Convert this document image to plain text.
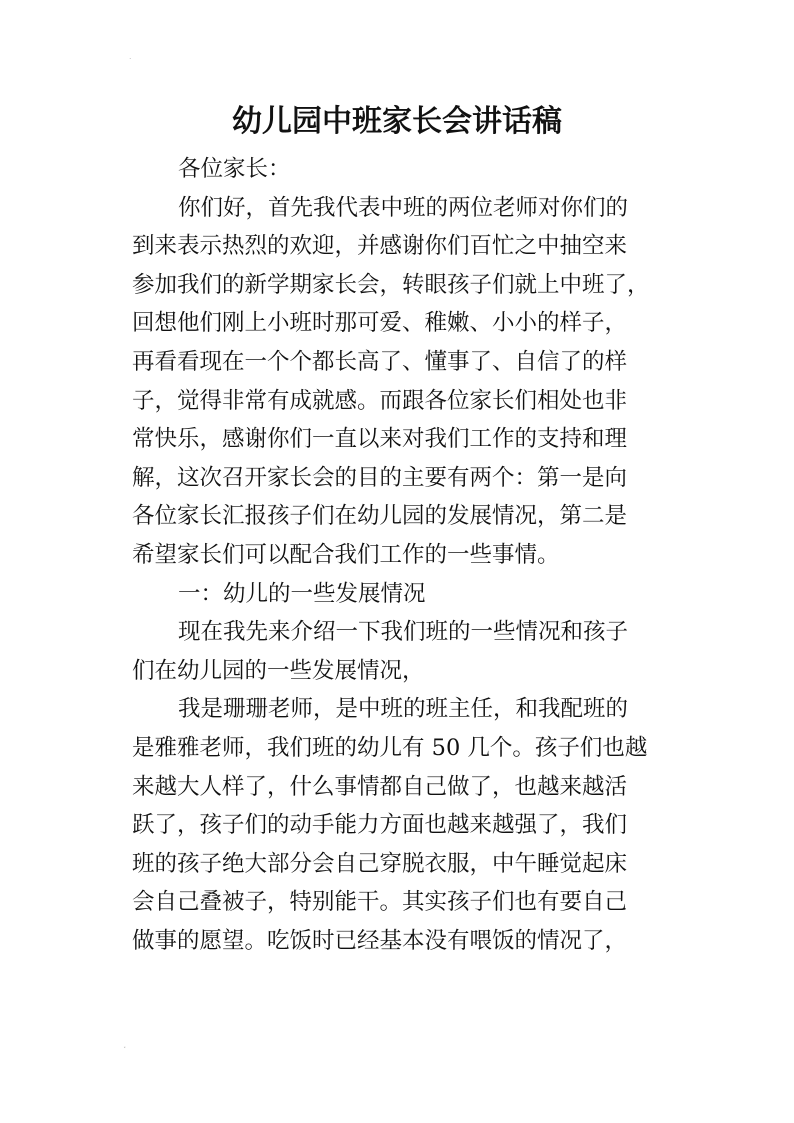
˙
幼儿园中班家长会讲话稿
各位家长：
你们好，首先我代表中班的两位老师对你们的
到来表示热烈的欢迎，并感谢你们百忙之中抽空来
参加我们的新学期家长会，转眼孩子们就上中班了，
回想他们刚上小班时那可爱、稚嫩、小小的样子，
再看看现在一个个都长高了、懂事了、自信了的样
子，觉得非常有成就感。而跟各位家长们相处也非
常快乐，感谢你们一直以来对我们工作的支持和理
解，这次召开家长会的目的主要有两个：第一是向
各位家长汇报孩子们在幼儿园的发展情况，第二是
希望家长们可以配合我们工作的一些事情。
一：幼儿的一些发展情况
现在我先来介绍一下我们班的一些情况和孩子
们在幼儿园的一些发展情况，
我是珊珊老师，是中班的班主任，和我配班的
是雅雅老师，我们班的幼儿有 50 几个。孩子们也越
来越大人样了，什么事情都自己做了，也越来越活
跃了，孩子们的动手能力方面也越来越强了，我们
班的孩子绝大部分会自己穿脱衣服，中午睡觉起床
会自己叠被子，特别能干。其实孩子们也有要自己
做事的愿望。吃饭时已经基本没有喂饭的情况了，
⸼
